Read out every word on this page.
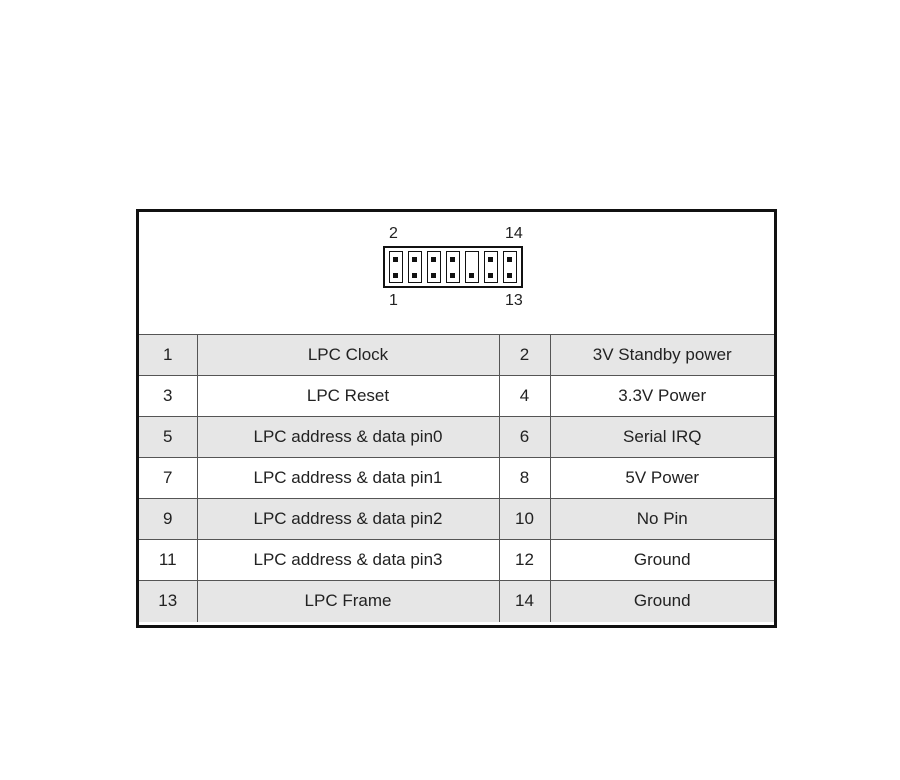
2	14
1	13
1	LPC Clock	2	3V Standby power
3	LPC Reset	4	3.3V Power
5	LPC address & data pin0	6	Serial IRQ
7	LPC address & data pin1	8	5V Power
9	LPC address & data pin2	10	No Pin
11	LPC address & data pin3	12	Ground
13	LPC Frame	14	Ground
